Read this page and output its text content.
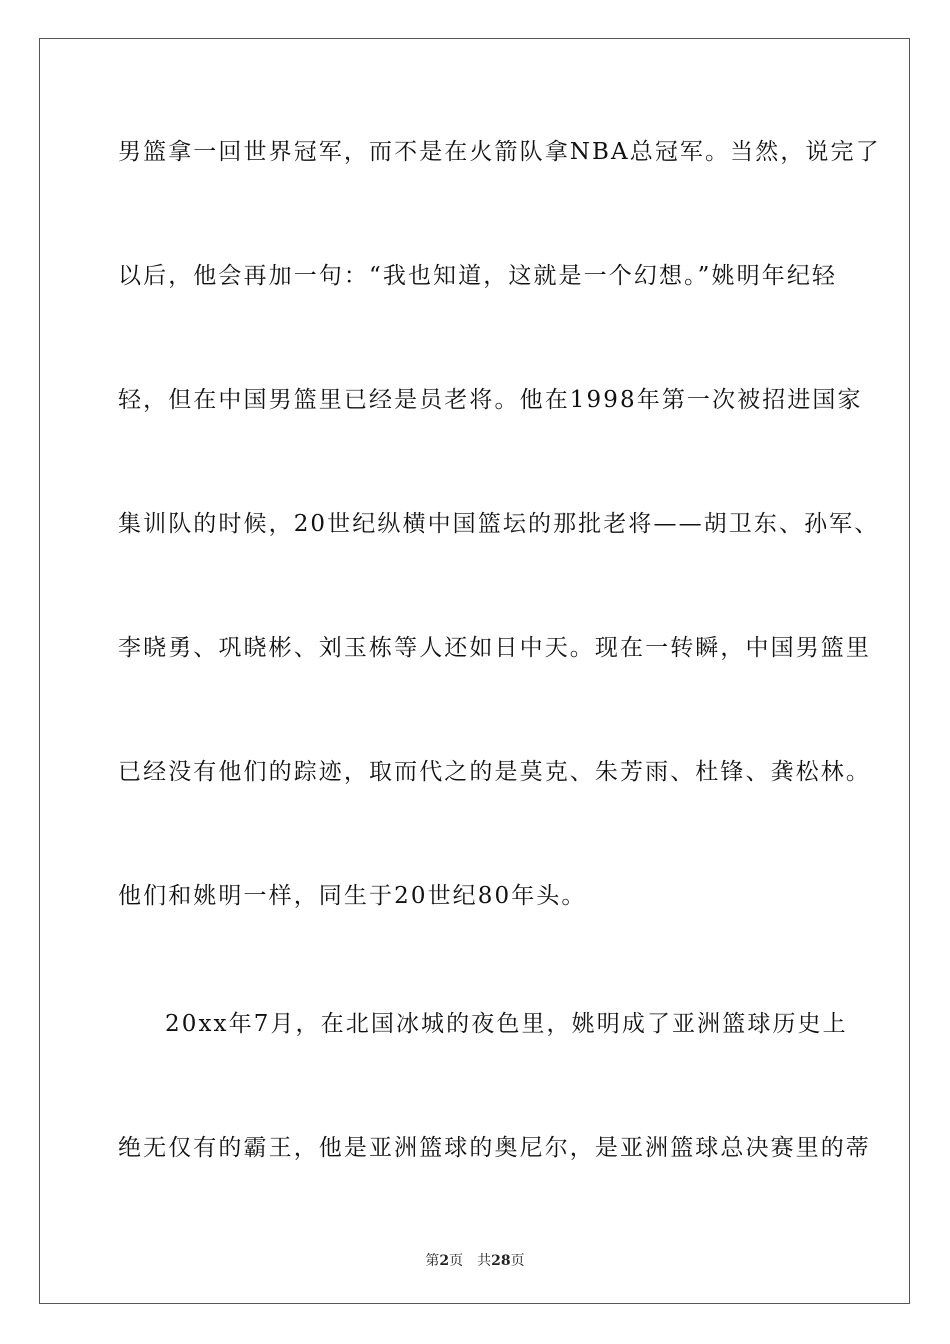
男篮拿一回世界冠军，而不是在火箭队拿NBA总冠军。当然，说完了
以后，他会再加一句：“我也知道，这就是一个幻想。”姚明年纪轻
轻，但在中国男篮里已经是员老将。他在1998年第一次被招进国家
集训队的时候，20世纪纵横中国篮坛的那批老将——胡卫东、孙军、
李晓勇、巩晓彬、刘玉栋等人还如日中天。现在一转瞬，中国男篮里
已经没有他们的踪迹，取而代之的是莫克、朱芳雨、杜锋、龚松林。
他们和姚明一样，同生于20世纪80年头。
20xx年7月，在北国冰城的夜色里，姚明成了亚洲篮球历史上
绝无仅有的霸王，他是亚洲篮球的奥尼尔，是亚洲篮球总决赛里的蒂
第2页 共28页
